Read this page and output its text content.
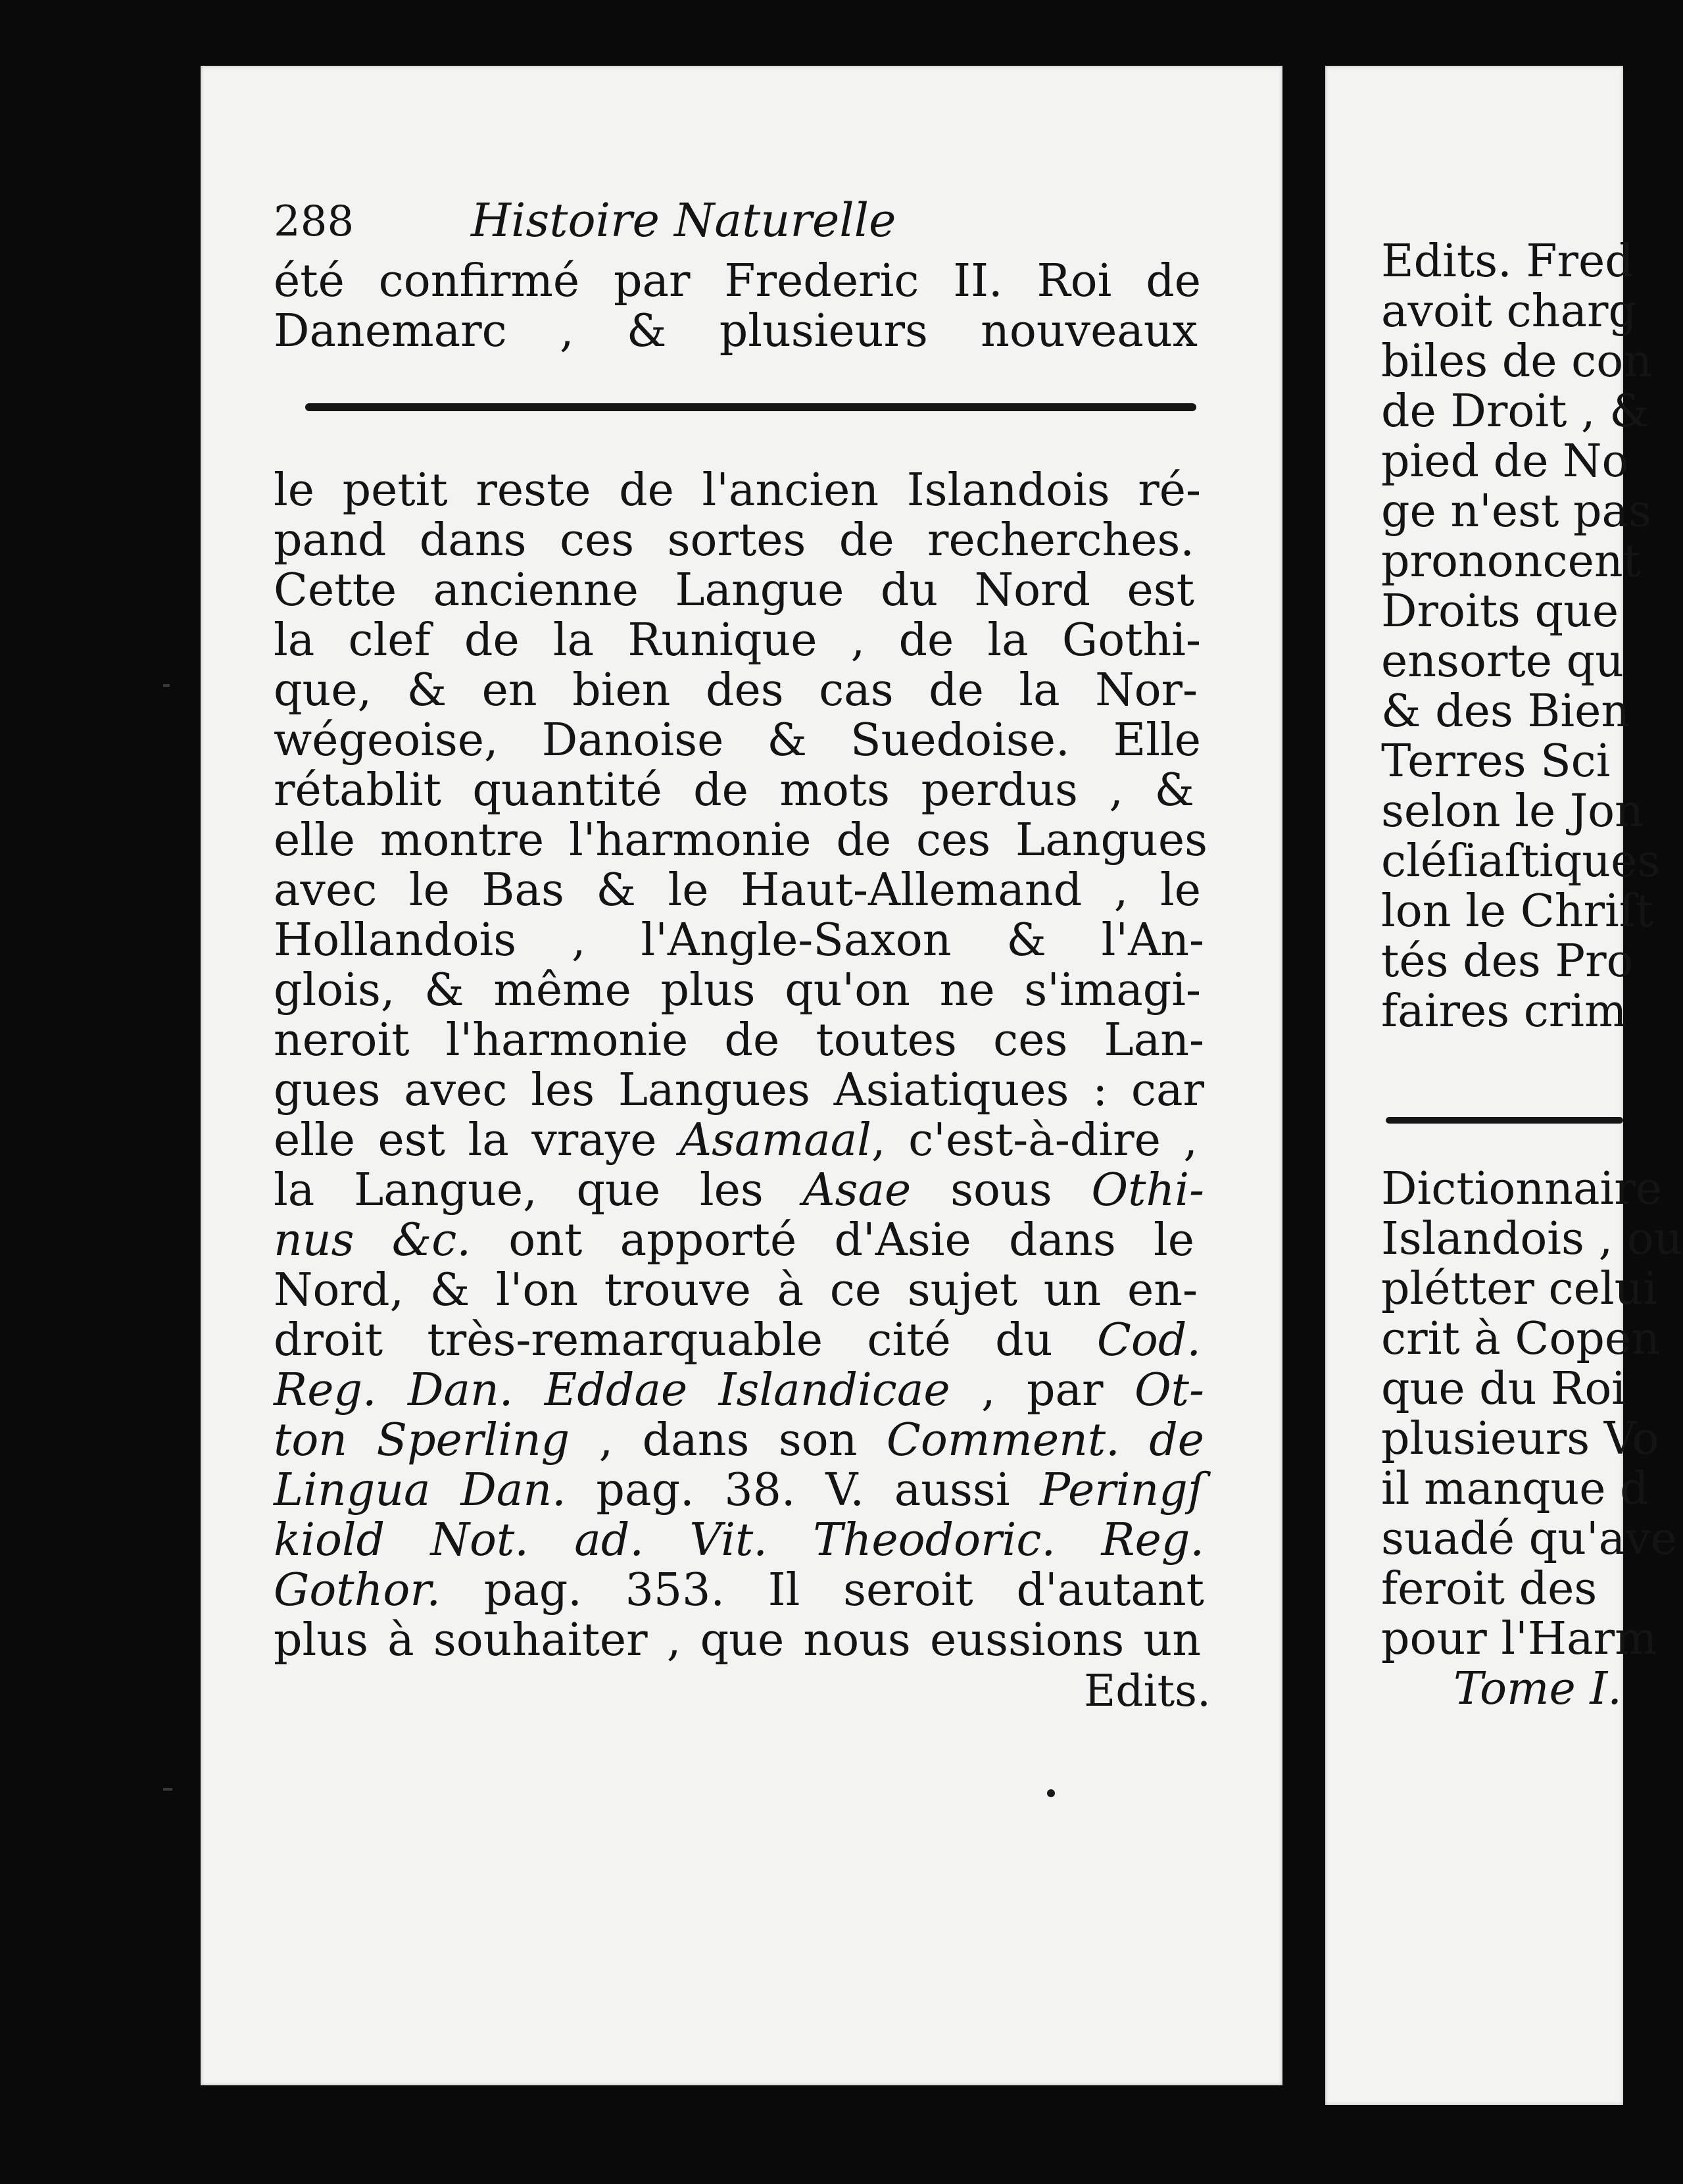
288	Histoire Naturelle
été confirmé par Frederic II. Roi de
Danemarc , & plusieurs nouveaux
le petit reste de l'ancien Islandois ré-
pand dans ces sortes de recherches.
Cette ancienne Langue du Nord est
la clef de la Runique , de la Gothi-
que, & en bien des cas de la Nor-
wégeoise, Danoise & Suedoise. Elle
rétablit quantité de mots perdus , &
elle montre l'harmonie de ces Langues
avec le Bas & le Haut-Allemand , le
Hollandois , l'Angle-Saxon & l'An-
glois, & même plus qu'on ne s'imagi-
neroit l'harmonie de toutes ces Lan-
gues avec les Langues Asiatiques : car
elle est la vraye Asamaal, c'est-à-dire ,
la Langue, que les Asae sous Othi-
nus &c. ont apporté d'Asie dans le
Nord, & l'on trouve à ce sujet un en-
droit très-remarquable cité du Cod.
Reg. Dan. Eddae Islandicae , par Ot-
ton Sperling , dans son Comment. de
Lingua Dan. pag. 38. V. aussi Peringſ
kiold Not. ad. Vit. Theodoric. Reg.
Gothor. pag. 353. Il seroit d'autant
plus à souhaiter , que nous eussions un
Edits.
Edits. Fred
avoit charg
biles de con
de Droit , &
pied de No
ge n'est pas
prononcent
Droits que
ensorte qu
& des Bien
Terres Sci
selon le Jon
cléſiaſtiques
lon le Chriſt
tés des Pro
faires crim
Dictionnaire
Islandois , ou
plétter celui
crit à Copen
que du Roi
plusieurs Vo
il manque d
suadé qu'ave
feroit des
pour l'Harm
Tome I.
